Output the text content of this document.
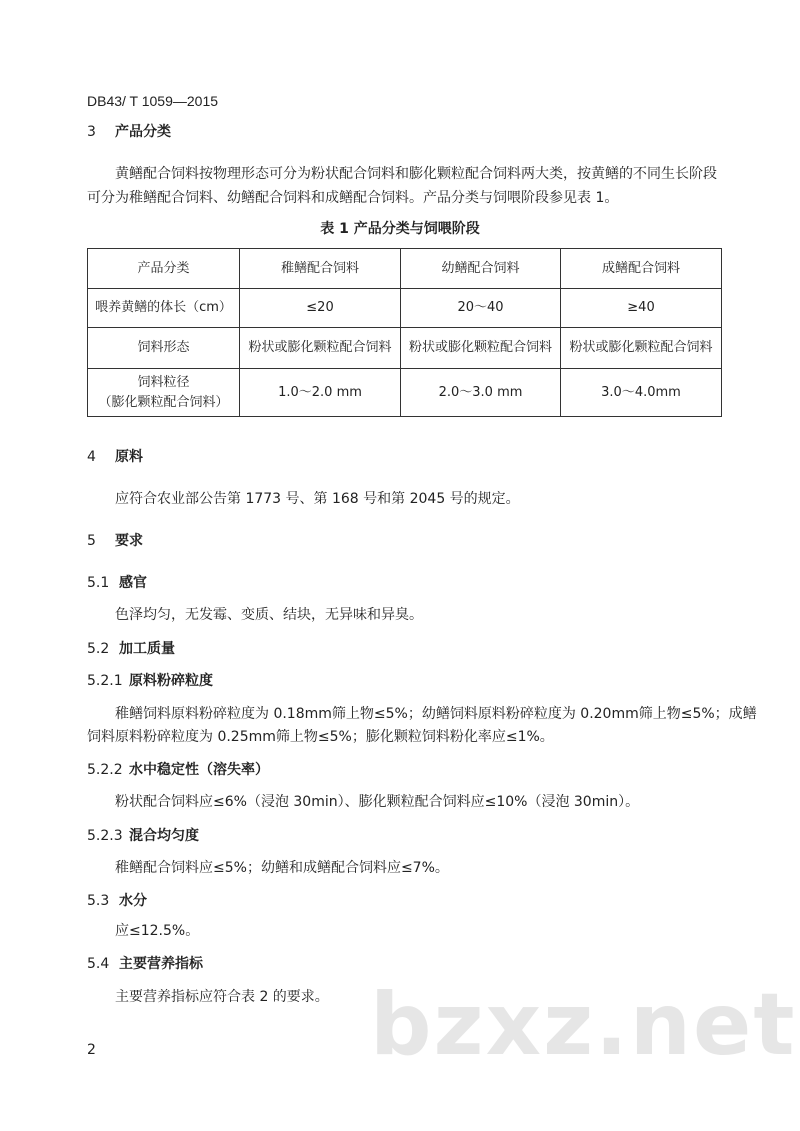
DB43/ T 1059—2015
3 产品分类
黄鳝配合饲料按物理形态可分为粉状配合饲料和膨化颗粒配合饲料两大类，按黄鳝的不同生长阶段
可分为稚鳝配合饲料、幼鳝配合饲料和成鳝配合饲料。产品分类与饲喂阶段参见表 1。
表 1 产品分类与饲喂阶段
产品分类	稚鳝配合饲料	幼鳝配合饲料	成鳝配合饲料
喂养黄鳝的体长（cm）	≤20	20～40	≥40
饲料形态	粉状或膨化颗粒配合饲料	粉状或膨化颗粒配合饲料	粉状或膨化颗粒配合饲料

饲料粒径
（膨化颗粒配合饲料）	1.0～2.0 mm	2.0～3.0 mm	3.0～4.0mm
4 原料
应符合农业部公告第 1773 号、第 168 号和第 2045 号的规定。
5 要求
5.1 感官
色泽均匀，无发霉、变质、结块，无异味和异臭。
5.2 加工质量
5.2.1 原料粉碎粒度
稚鳝饲料原料粉碎粒度为 0.18mm筛上物≤5%；幼鳝饲料原料粉碎粒度为 0.20mm筛上物≤5%；成鳝
饲料原料粉碎粒度为 0.25mm筛上物≤5%；膨化颗粒饲料粉化率应≤1%。
5.2.2 水中稳定性（溶失率）
粉状配合饲料应≤6%（浸泡 30min）、膨化颗粒配合饲料应≤10%（浸泡 30min）。
5.2.3 混合均匀度
稚鳝配合饲料应≤5%；幼鳝和成鳝配合饲料应≤7%。
5.3 水分
应≤12.5%。
5.4 主要营养指标
主要营养指标应符合表 2 的要求。 bzxz.net
2
